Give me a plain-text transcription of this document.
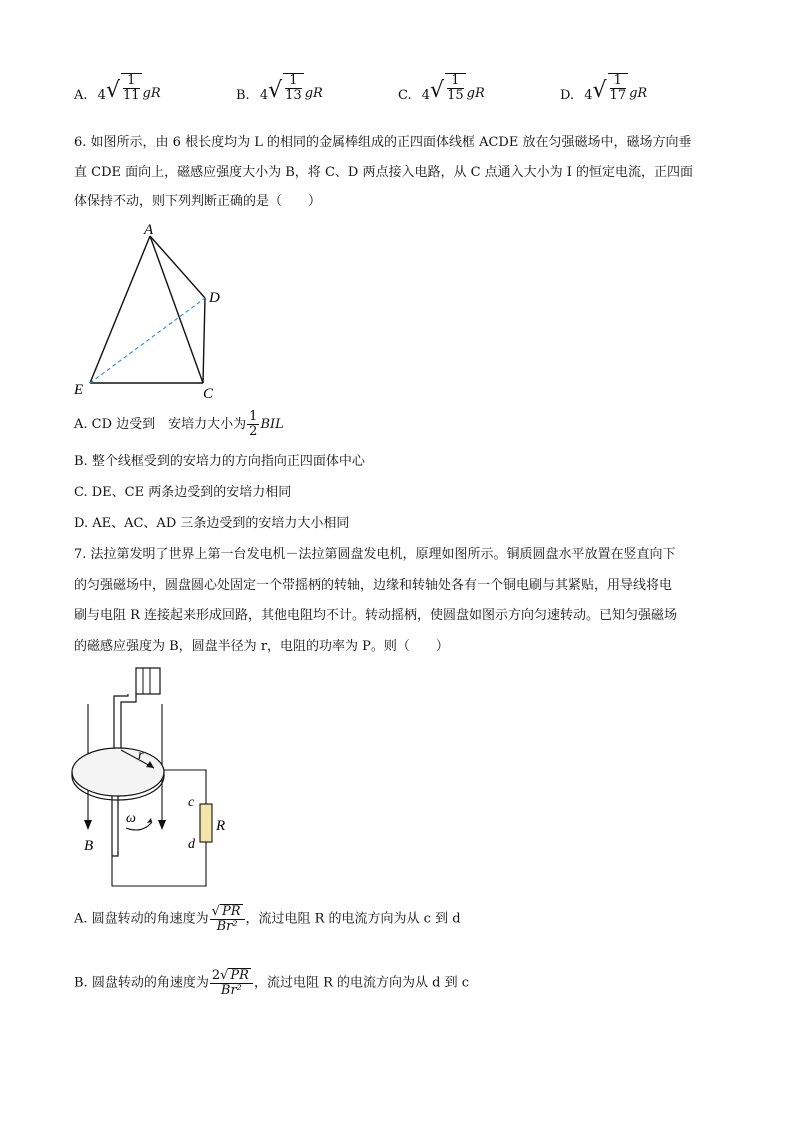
A. $4√ \frac{1}{11}$ gR	B. $4√ \frac{1}{13}$ gR	C. $4√ \frac{1}{15}$ gR	D. $4√ \frac{1}{17}$ gR
6. 如图所示，由 6 根长度均为 L 的相同的金属棒组成的正四面体线框 ACDE 放在匀强磁场中，磁场方向垂
直 CDE 面向上，磁感应强度大小为 B，将 C、D 两点接入电路，从 C 点通入大小为 I 的恒定电流，正四面
体保持不动，则下列判断正确的是（　　）
A
D
E	C
A. CD 边受到　安培力大小为 $\frac{1}{2}$ BIL
B. 整个线框受到的安培力的方向指向正四面体中心
C. DE、CE 两条边受到的安培力相同
D. AE、AC、AD 三条边受到的安培力大小相同
7. 法拉第发明了世界上第一台发电机－法拉第圆盘发电机，原理如图所示。铜质圆盘水平放置在竖直向下
的匀强磁场中，圆盘圆心处固定一个带摇柄的转轴，边缘和转轴处各有一个铜电刷与其紧贴，用导线将电
刷与电阻 R 连接起来形成回路，其他电阻均不计。转动摇柄，使圆盘如图示方向匀速转动。已知匀强磁场
的磁感应强度为 B，圆盘半径为 r，电阻的功率为 P。则（　　）
r
ω
B
c
R
d
A. 圆盘转动的角速度为 $\frac{√ PR}{\text{Br²}}$ ，流过电阻 R 的电流方向为从 c 到 d
B. 圆盘转动的角速度为 $\frac{2√ PR}{\text{Br²}}$ ，流过电阻 R 的电流方向为从 d 到 c
